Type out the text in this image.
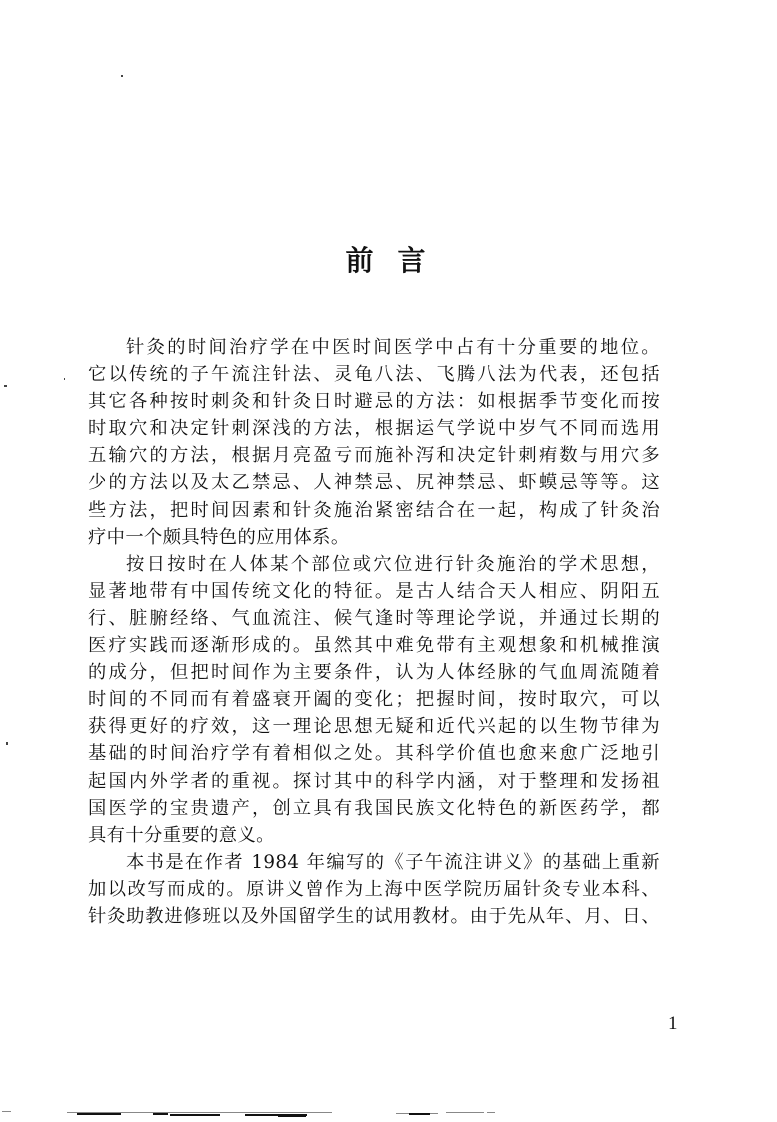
前言
针灸的时间治疗学在中医时间医学中占有十分重要的地位。
它以传统的子午流注针法、灵龟八法、飞腾八法为代表，还包括
其它各种按时刺灸和针灸日时避忌的方法：如根据季节变化而按
时取穴和决定针刺深浅的方法，根据运气学说中岁气不同而选用
五输穴的方法，根据月亮盈亏而施补泻和决定针刺痏数与用穴多
少的方法以及太乙禁忌、人神禁忌、尻神禁忌、虾蟆忌等等。这
些方法，把时间因素和针灸施治紧密结合在一起，构成了针灸治
疗中一个颇具特色的应用体系。
按日按时在人体某个部位或穴位进行针灸施治的学术思想，
显著地带有中国传统文化的特征。是古人结合天人相应、阴阳五
行、脏腑经络、气血流注、候气逢时等理论学说，并通过长期的
医疗实践而逐渐形成的。虽然其中难免带有主观想象和机械推演
的成分，但把时间作为主要条件，认为人体经脉的气血周流随着
时间的不同而有着盛衰开阖的变化；把握时间，按时取穴，可以
获得更好的疗效，这一理论思想无疑和近代兴起的以生物节律为
基础的时间治疗学有着相似之处。其科学价值也愈来愈广泛地引
起国内外学者的重视。探讨其中的科学内涵，对于整理和发扬祖
国医学的宝贵遗产，创立具有我国民族文化特色的新医药学，都
具有十分重要的意义。
本书是在作者 1984 年编写的《子午流注讲义》的基础上重新
加以改写而成的。原讲义曾作为上海中医学院历届针灸专业本科、
针灸助教进修班以及外国留学生的试用教材。由于先从年、月、日、
1
